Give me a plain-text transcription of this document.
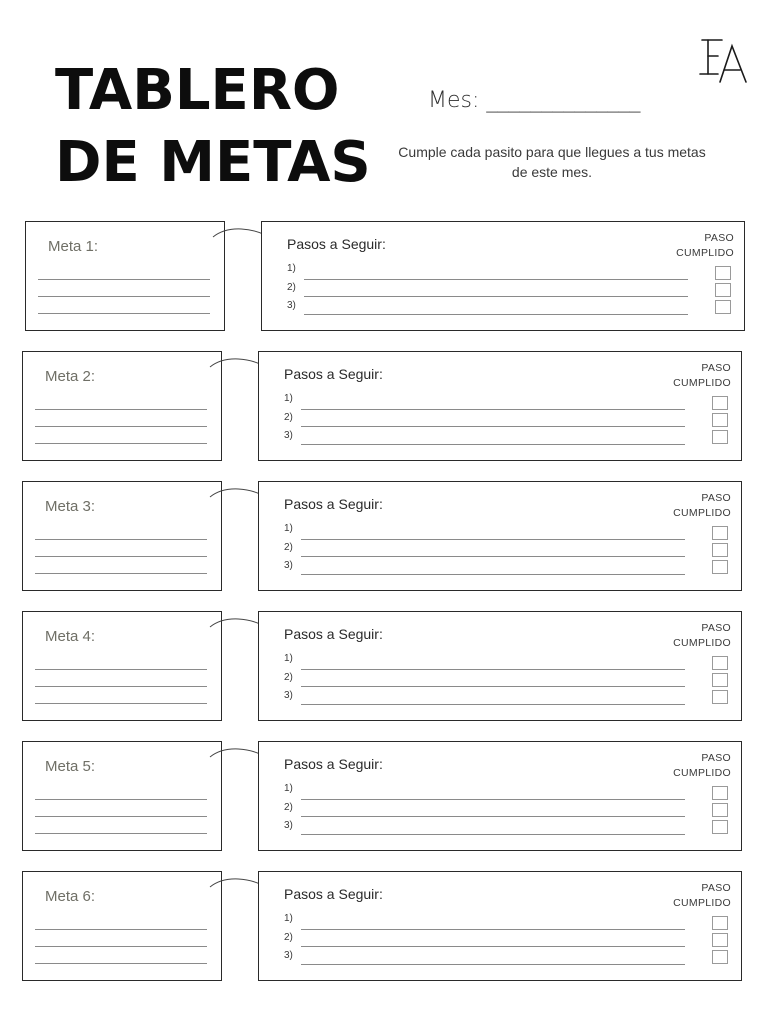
TABLERO
DE METAS
Mes: ______________
Cumple cada pasito para que llegues a tus metas de este mes.
Meta 1:	Pasos a Seguir:	PASO
CUMPLIDO
1)
2)
3)
Meta 2:	Pasos a Seguir:	PASO
CUMPLIDO
1)
2)
3)
Meta 3:	Pasos a Seguir:	PASO
CUMPLIDO
1)
2)
3)
Meta 4:	Pasos a Seguir:	PASO
CUMPLIDO
1)
2)
3)
Meta 5:	Pasos a Seguir:	PASO
CUMPLIDO
1)
2)
3)
Meta 6:	Pasos a Seguir:	PASO
CUMPLIDO
1)
2)
3)
